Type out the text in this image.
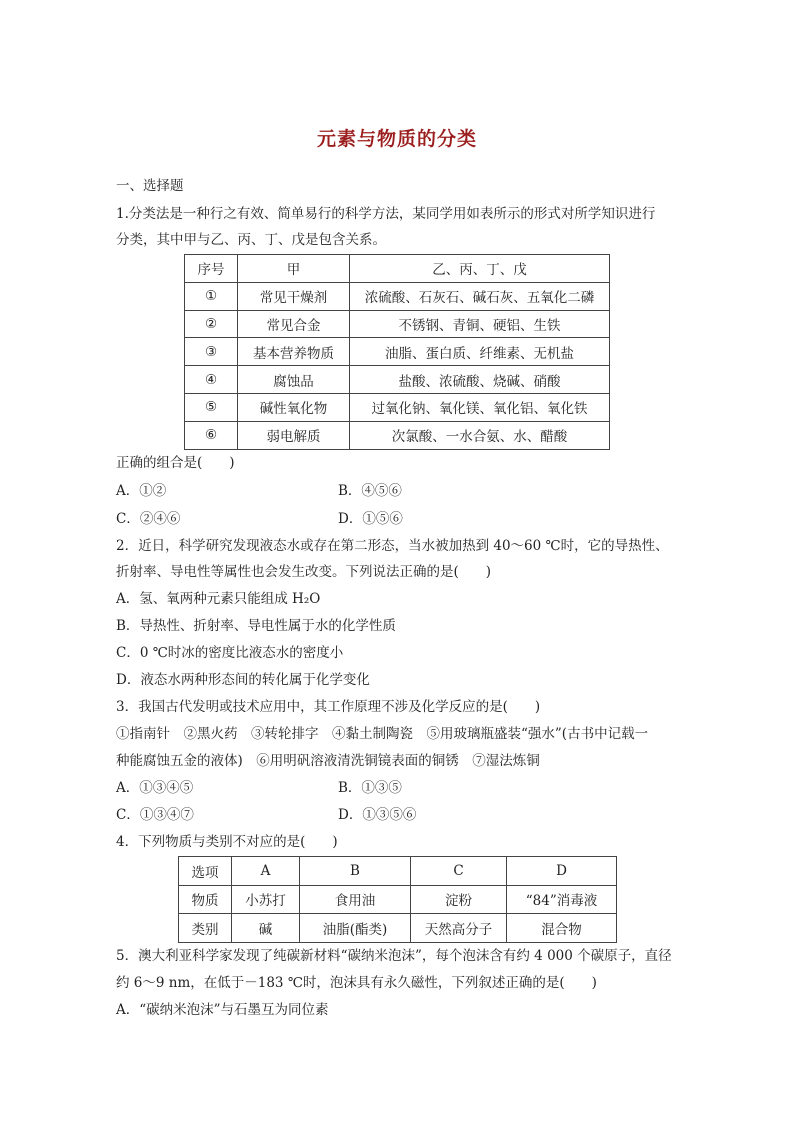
元素与物质的分类
一、选择题
1.分类法是一种行之有效、简单易行的科学方法，某同学用如表所示的形式对所学知识进行
分类，其中甲与乙、丙、丁、戊是包含关系。
序号	甲	乙、丙、丁、戊
①	常见干燥剂	浓硫酸、石灰石、碱石灰、五氧化二磷
②	常见合金	不锈钢、青铜、硬铝、生铁
③	基本营养物质	油脂、蛋白质、纤维素、无机盐
④	腐蚀品	盐酸、浓硫酸、烧碱、硝酸
⑤	碱性氧化物	过氧化钠、氧化镁、氧化铝、氧化铁
⑥	弱电解质	次氯酸、一水合氨、水、醋酸
正确的组合是(　　)
A．①②	B．④⑤⑥
C．②④⑥	D．①⑤⑥
2．近日，科学研究发现液态水或存在第二形态，当水被加热到 40～60 ℃时，它的导热性、
折射率、导电性等属性也会发生改变。下列说法正确的是(　　)
A．氢、氧两种元素只能组成 H₂O
B．导热性、折射率、导电性属于水的化学性质
C．0 ℃时冰的密度比液态水的密度小
D．液态水两种形态间的转化属于化学变化
3．我国古代发明或技术应用中，其工作原理不涉及化学反应的是(　　)
①指南针　②黑火药　③转轮排字　④黏土制陶瓷　⑤用玻璃瓶盛装“强水”(古书中记载一
种能腐蚀五金的液体)　⑥用明矾溶液清洗铜镜表面的铜锈　⑦湿法炼铜
A．①③④⑤	B．①③⑤
C．①③④⑦	D．①③⑤⑥
4．下列物质与类别不对应的是(　　)
选项	A	B	C	D
物质	小苏打	食用油	淀粉	“84”消毒液
类别	碱	油脂(酯类)	天然高分子	混合物
5．澳大利亚科学家发现了纯碳新材料“碳纳米泡沫”，每个泡沫含有约 4 000 个碳原子，直径
约 6～9 nm，在低于－183 ℃时，泡沫具有永久磁性，下列叙述正确的是(　　)
A．“碳纳米泡沫”与石墨互为同位素
